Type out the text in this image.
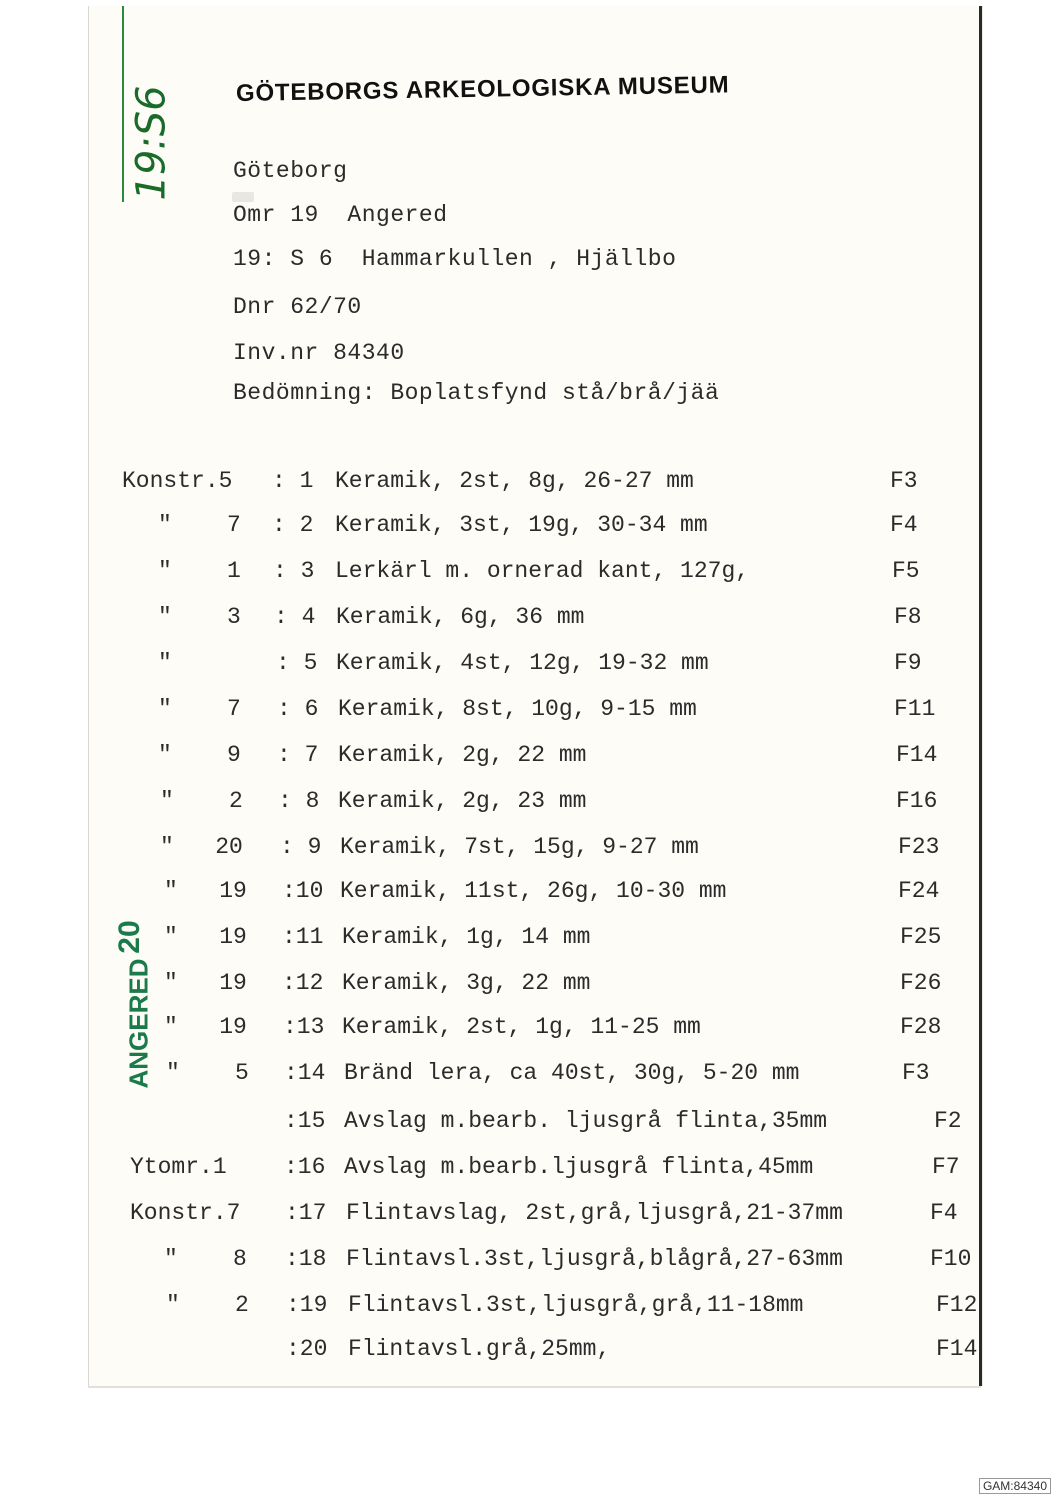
19:S6	GÖTEBORGS ARKEOLOGISKA MUSEUM
Göteborg
Omr 19  Angered
19: S 6  Hammarkullen , Hjällbo
Dnr 62/70
Inv.nr 84340
Bedömning: Boplatsfynd stå/brå/jää
Konstr.5 : 1 Keramik, 2st, 8g, 26-27 mm	F3
"    7 : 2 Keramik, 3st, 19g, 30-34 mm	F4
"    1 : 3 Lerkärl m. ornerad kant, 127g,	F5
"    3 : 4 Keramik, 6g, 36 mm	F8
"	: 5 Keramik, 4st, 12g, 19-32 mm	F9
"    7 : 6 Keramik, 8st, 10g, 9-15 mm	F11
"    9 : 7 Keramik, 2g, 22 mm	F14
"    2 : 8 Keramik, 2g, 23 mm	F16
"   20 : 9 Keramik, 7st, 15g, 9-27 mm	F23
"   19 :10 Keramik, 11st, 26g, 10-30 mm	F24
"   19 :11 Keramik, 1g, 14 mm	F25
"   19 :12 Keramik, 3g, 22 mm	F26
"   19 :13 Keramik, 2st, 1g, 11-25 mm	F28
"    5 :14 Bränd lera, ca 40st, 30g, 5-20 mm	F3
:15 Avslag m.bearb. ljusgrå flinta,35mm	F2
Ytomr.1 :16 Avslag m.bearb.ljusgrå flinta,45mm	F7
Konstr.7 :17 Flintavslag, 2st,grå,ljusgrå,21-37mm	F4
"    8 :18 Flintavsl.3st,ljusgrå,blågrå,27-63mm	F10
"    2 :19 Flintavsl.3st,ljusgrå,grå,11-18mm	F12
:20 Flintavsl.grå,25mm,	F14
ANGERED
20
GAM:84340
